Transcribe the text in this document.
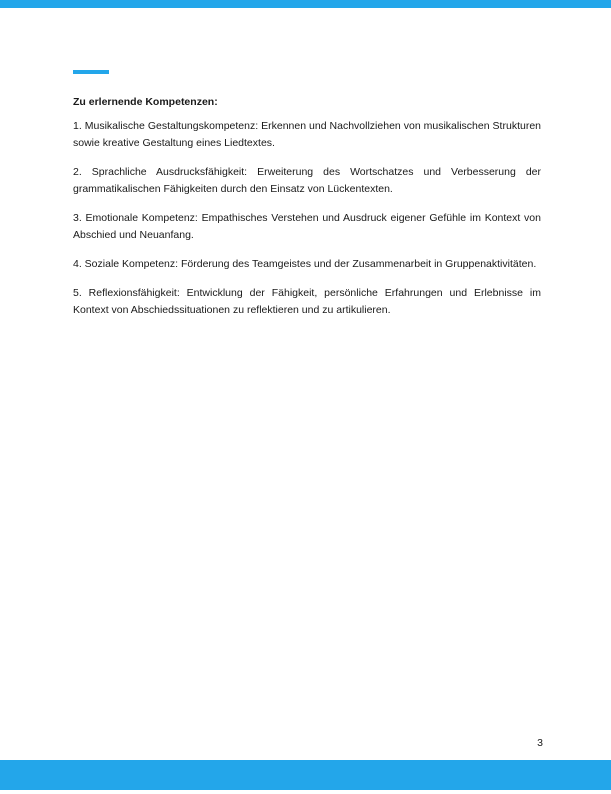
Zu erlernende Kompetenzen:
1. Musikalische Gestaltungskompetenz: Erkennen und Nachvollziehen von musikalischen Strukturen sowie kreative Gestaltung eines Liedtextes.
2. Sprachliche Ausdrucksfähigkeit: Erweiterung des Wortschatzes und Verbesserung der grammatikalischen Fähigkeiten durch den Einsatz von Lückentexten.
3. Emotionale Kompetenz: Empathisches Verstehen und Ausdruck eigener Gefühle im Kontext von Abschied und Neuanfang.
4. Soziale Kompetenz: Förderung des Teamgeistes und der Zusammenarbeit in Gruppenaktivitäten.
5. Reflexionsfähigkeit: Entwicklung der Fähigkeit, persönliche Erfahrungen und Erlebnisse im Kontext von Abschiedssituationen zu reflektieren und zu artikulieren.
3
